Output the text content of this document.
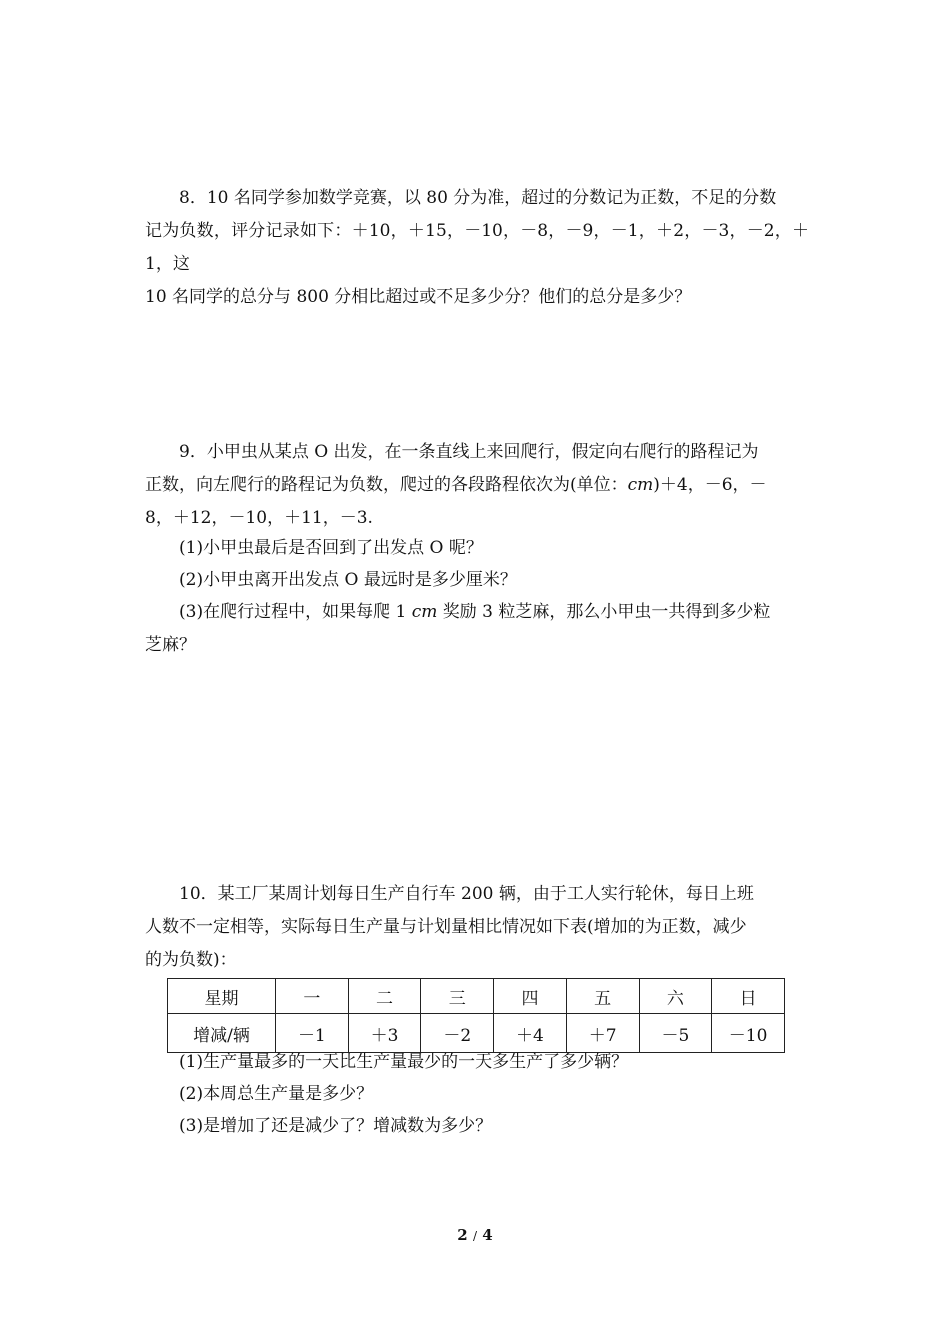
8．10 名同学参加数学竞赛，以 80 分为准，超过的分数记为正数，不足的分数
记为负数，评分记录如下：＋10，＋15，－10，－8，－9，－1，＋2，－3，－2，＋1，这
10 名同学的总分与 800 分相比超过或不足多少分？他们的总分是多少？

9．小甲虫从某点 O 出发，在一条直线上来回爬行，假定向右爬行的路程记为
正数，向左爬行的路程记为负数，爬过的各段路程依次为(单位：cm)＋4，－6，－
8，＋12，－10，＋11，－3.

(1)小甲虫最后是否回到了出发点 O 呢？

(2)小甲虫离开出发点 O 最远时是多少厘米？

(3)在爬行过程中，如果每爬 1 cm 奖励 3 粒芝麻，那么小甲虫一共得到多少粒
芝麻？

10．某工厂某周计划每日生产自行车 200 辆，由于工人实行轮休，每日上班
人数不一定相等，实际每日生产量与计划量相比情况如下表(增加的为正数，减少
的为负数)：

星期	一	二	三	四	五	六	日
增减/辆	－1	＋3	－2	＋4	＋7	－5	－10

(1)生产量最多的一天比生产量最少的一天多生产了多少辆？

(2)本周总生产量是多少？

(3)是增加了还是减少了？增减数为多少？

2 / 4
